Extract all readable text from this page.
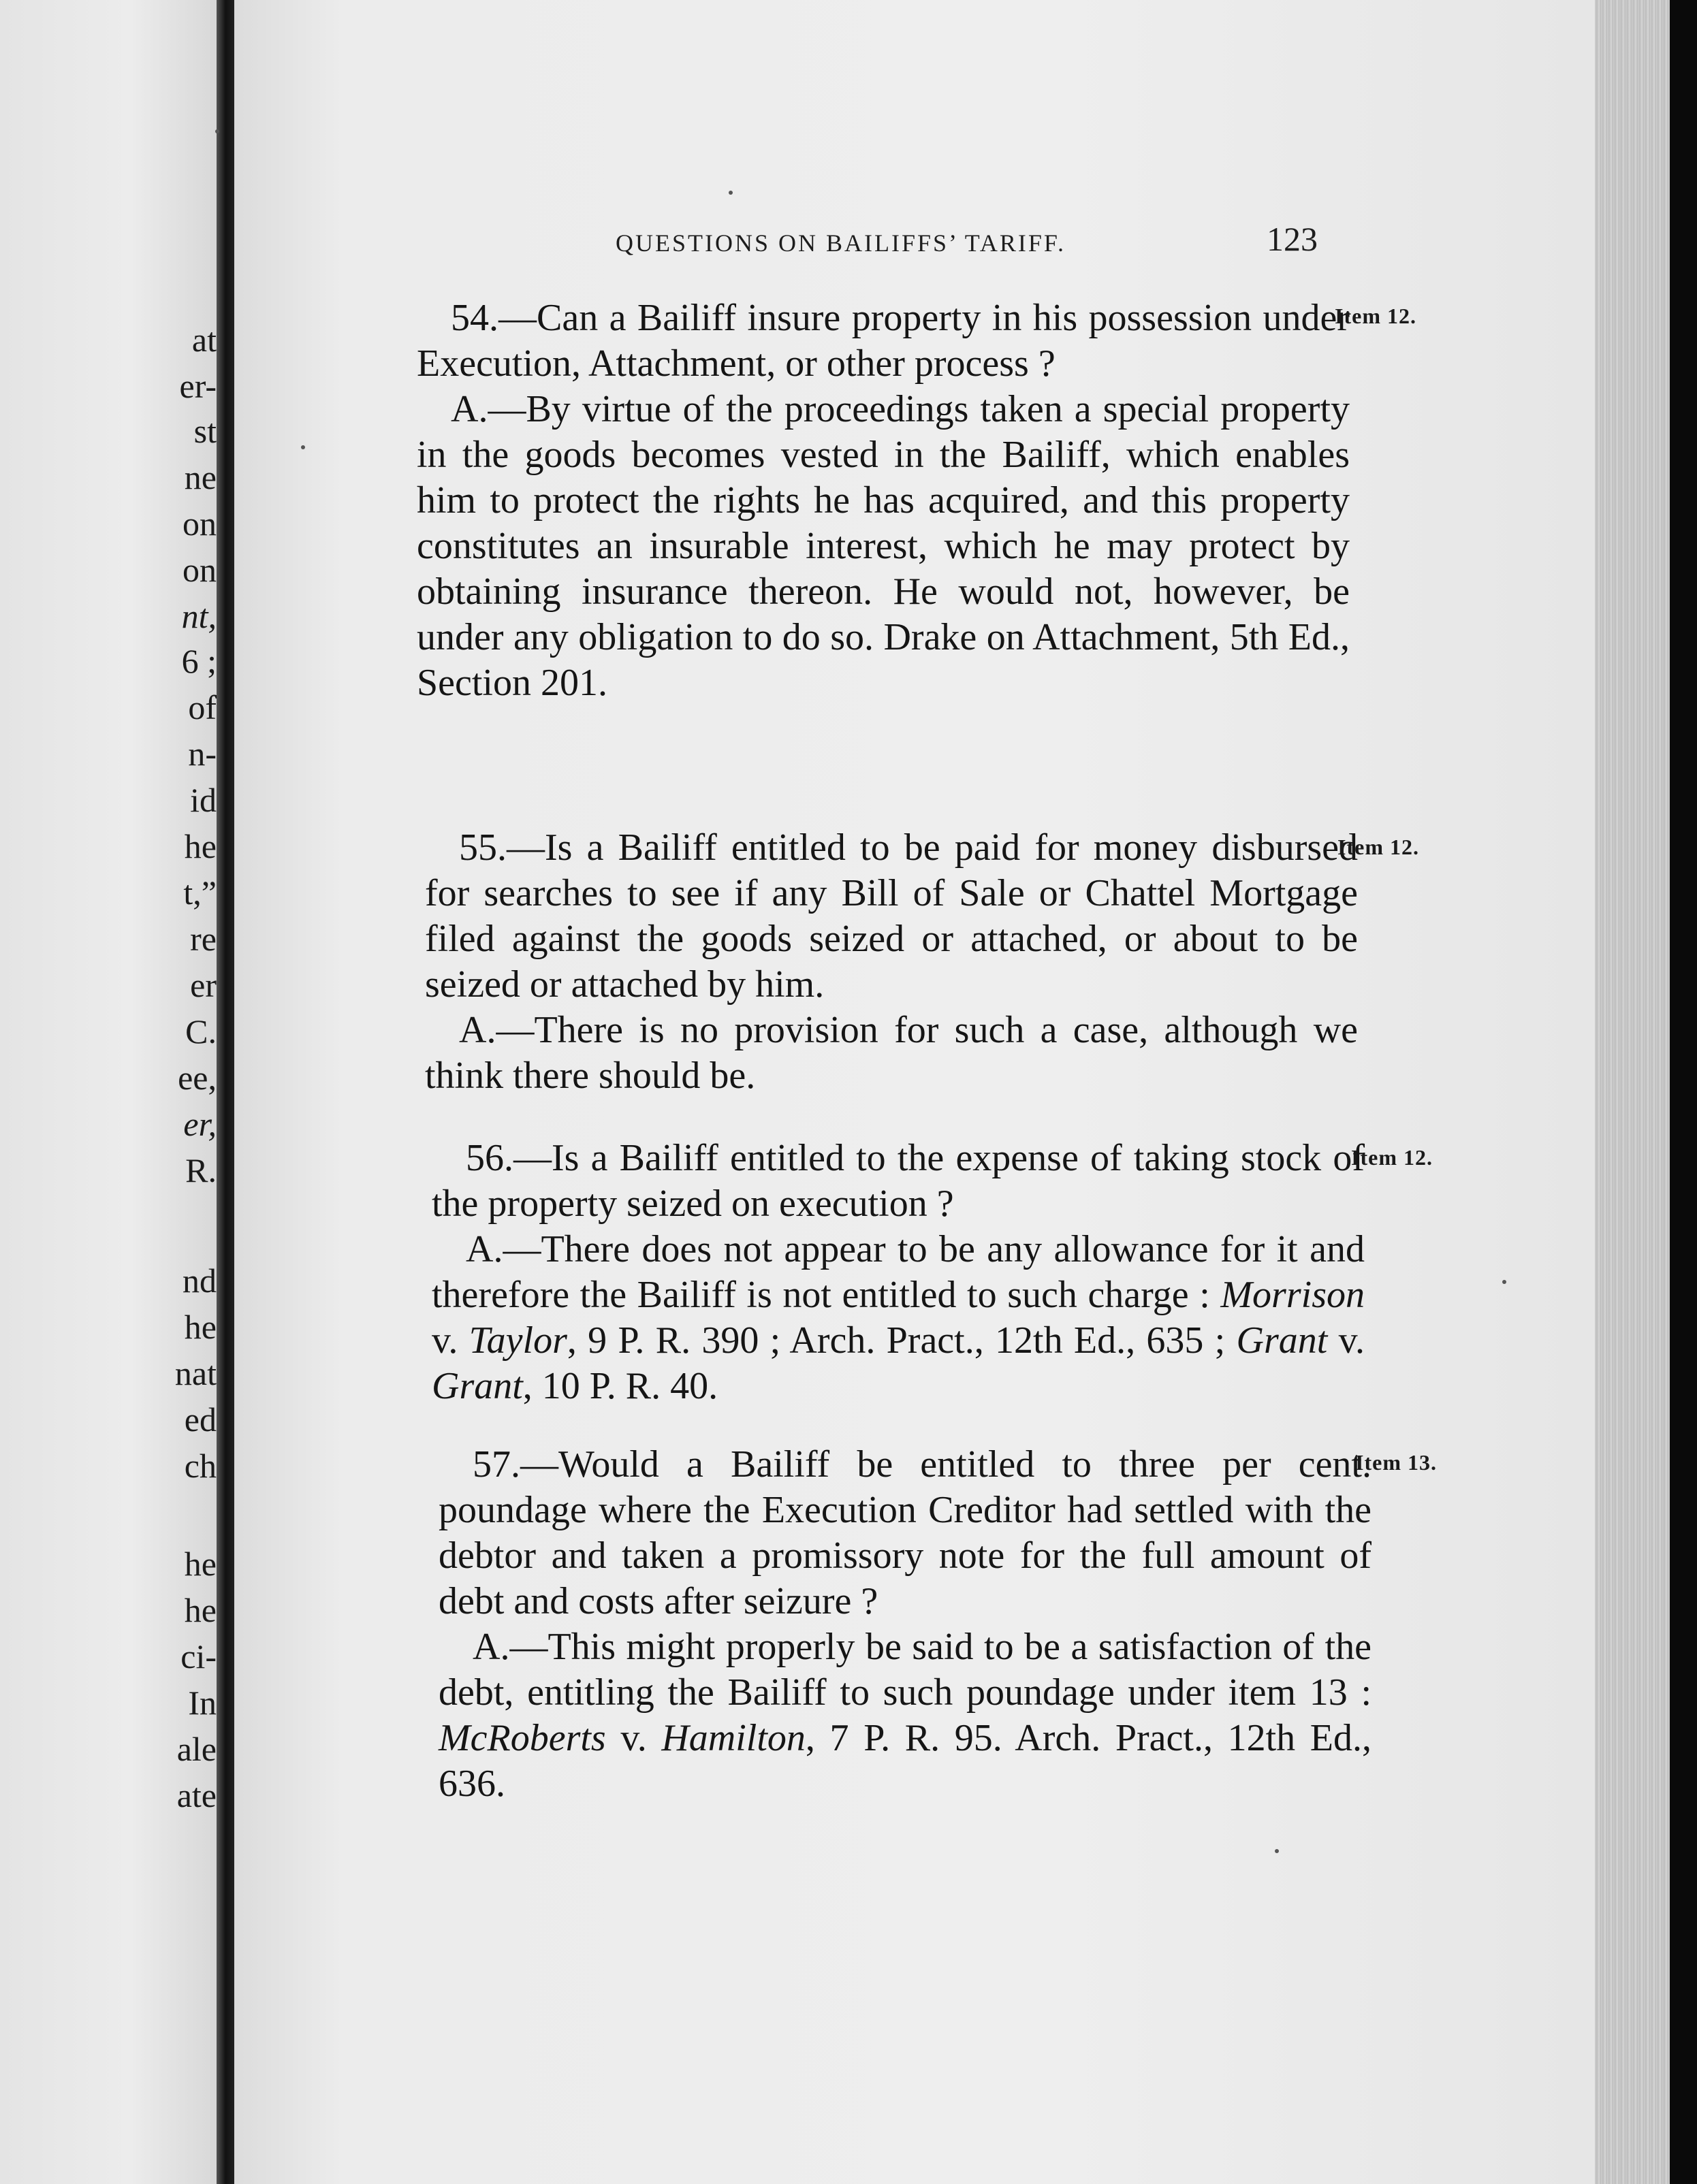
at
er-
st
ne
on
on
nt,
6 ;
of
n-
id
he
t,”
re
er
C.
ee,
er,
R.
nd
he
nat
ed
ch
he
he
ci-
In
ale
ate
QUESTIONS ON BAILIFFS’ TARIFF.	123

54.—Can a Bailiff insure property in his possession under Execution, Attachment, or other process ?

A.—By virtue of the proceedings taken a special property in the goods becomes vested in the Bailiff, which enables him to protect the rights he has acquired, and this property constitutes an insurable interest, which he may protect by obtaining insurance thereon. He would not, however, be under any obligation to do so. Drake on Attachment, 5th Ed., Section 201.

Item 12.

55.—Is a Bailiff entitled to be paid for money disbursed for searches to see if any Bill of Sale or Chattel Mortgage filed against the goods seized or attached, or about to be seized or attached by him.

A.—There is no provision for such a case, although we think there should be.

Item 12.

56.—Is a Bailiff entitled to the expense of taking stock of the property seized on execution ?

A.—There does not appear to be any allowance for it and therefore the Bailiff is not entitled to such charge : Morrison v. Taylor, 9 P. R. 390 ; Arch. Pract., 12th Ed., 635 ; Grant v. Grant, 10 P. R. 40.

Item 12.

57.—Would a Bailiff be entitled to three per cent. poundage where the Execution Creditor had settled with the debtor and taken a promissory note for the full amount of debt and costs after seizure ?

A.—This might properly be said to be a satisfaction of the debt, entitling the Bailiff to such poundage under item 13 : McRoberts v. Hamilton, 7 P. R. 95. Arch. Pract., 12th Ed., 636.

Item 13.
